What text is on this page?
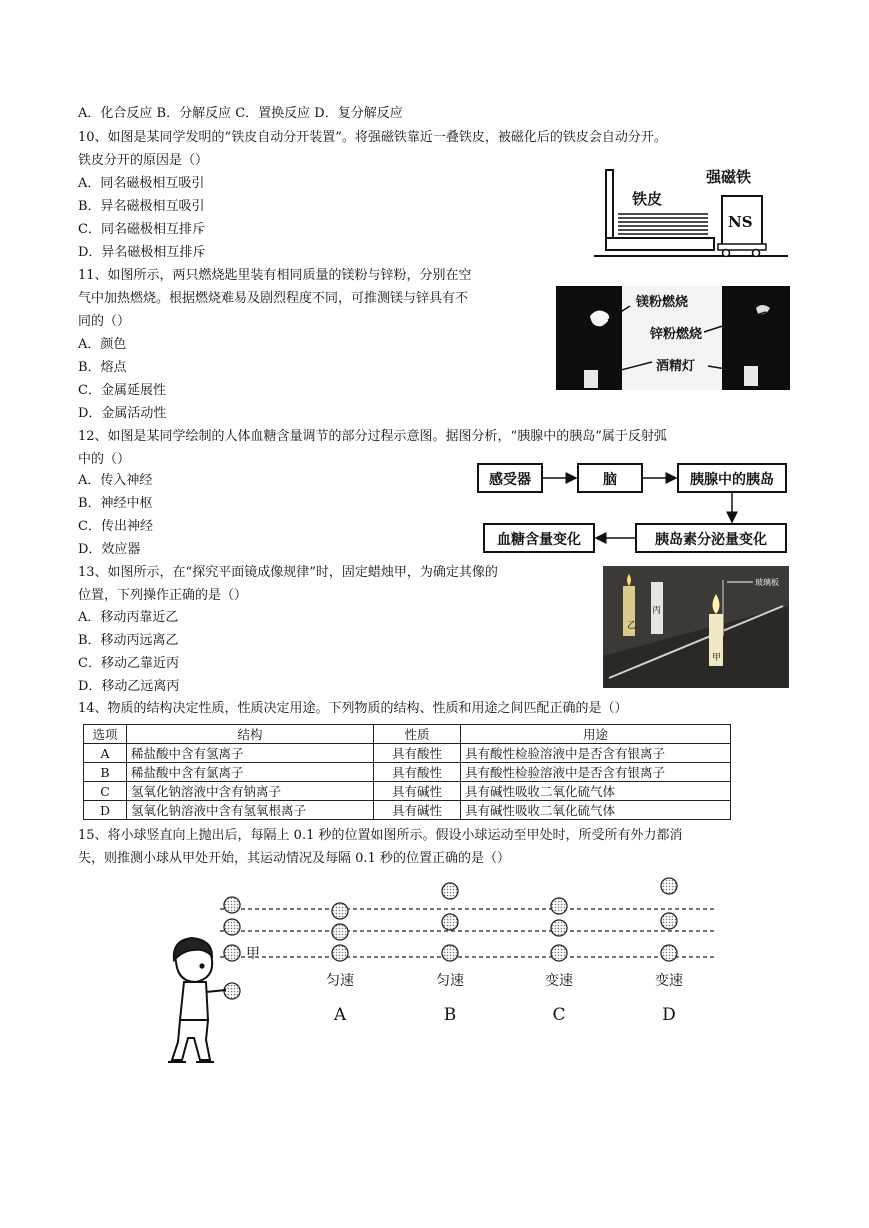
A．化合反应 B．分解反应 C．置换反应 D．复分解反应
10、如图是某同学发明的“铁皮自动分开装置”。将强磁铁靠近一叠铁皮，被磁化后的铁皮会自动分开。
铁皮分开的原因是（）
A．同名磁极相互吸引
B．异名磁极相互吸引
C．同名磁极相互排斥
D．异名磁极相互排斥
铁皮
强磁铁
NS
11、如图所示，两只燃烧匙里装有相同质量的镁粉与锌粉，分别在空
气中加热燃烧。根据燃烧难易及剧烈程度不同，可推测镁与锌具有不
同的（）
A．颜色
B．熔点
C．金属延展性
D．金属活动性
镁粉燃烧
锌粉燃烧
酒精灯
12、如图是某同学绘制的人体血糖含量调节的部分过程示意图。据图分析，“胰腺中的胰岛”属于反射弧
中的（）
A．传入神经
B．神经中枢
C．传出神经
D．效应器
感受器	脑	胰腺中的胰岛
血糖含量变化	胰岛素分泌量变化
13、如图所示，在“探究平面镜成像规律”时，固定蜡烛甲，为确定其像的
位置，下列操作正确的是（）
A．移动丙靠近乙
B．移动丙远离乙
C．移动乙靠近丙
D．移动乙远离丙
玻璃板
乙
丙
甲
14、物质的结构决定性质，性质决定用途。下列物质的结构、性质和用途之间匹配正确的是（）
选项	结构	性质	用途
A	稀盐酸中含有氢离子	具有酸性	具有酸性检验溶液中是否含有银离子
B	稀盐酸中含有氯离子	具有酸性	具有酸性检验溶液中是否含有银离子
C	氢氧化钠溶液中含有钠离子	具有碱性	具有碱性吸收二氧化硫气体
D	氢氧化钠溶液中含有氢氧根离子	具有碱性	具有碱性吸收二氧化硫气体
15、将小球竖直向上抛出后，每隔上 0.1 秒的位置如图所示。假设小球运动至甲处时，所受所有外力都消
失，则推测小球从甲处开始，其运动情况及每隔 0.1 秒的位置正确的是（）
甲
匀速	匀速	变速	变速
A	B	C	D
